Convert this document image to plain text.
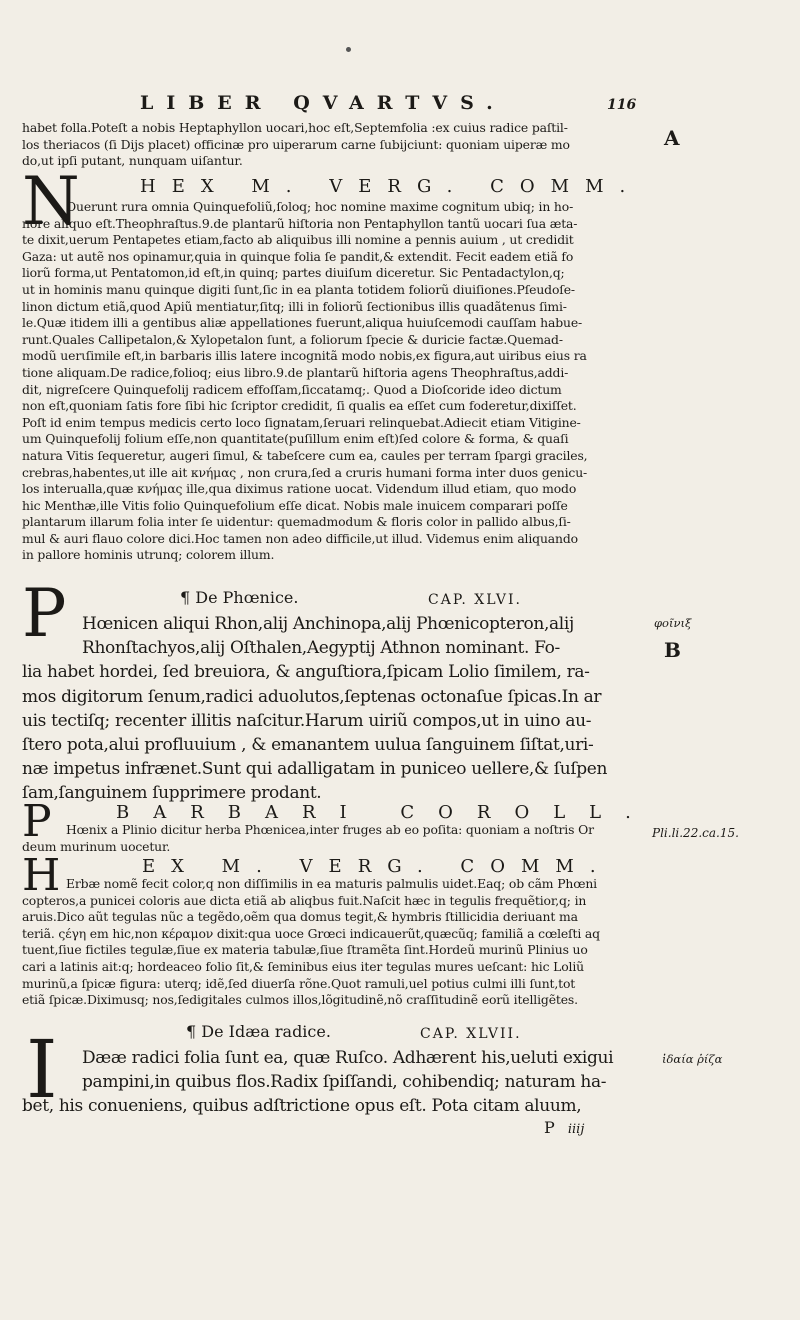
LIBER QVARTVS.	116
habet folla.Poteſt a nobis Heptaphyllon uocari,hoc eſt,Septemfolia :ex cuius radice paſtil-
los theriacos (ſi Dijs placet) officinæ pro uiperarum carne ſubijciunt: quoniam uiperæ mo
do,ut ipſi putant, nunquam uiſantur.
A
N	HEX M. VERG. COMM.
Ouerunt rura omnia Quinquefoliũ,ſoloq; hoc nomine maxime cognitum ubiq; in ho-
nore aliquo eſt.Theophraſtus.9.de plantarũ hiſtoria non Pentaphyllon tantũ uocari ſua æta-
te dixit,uerum Pentapetes etiam,facto ab aliquibus illi nomine a pennis auium , ut credidit
Gaza: ut autẽ nos opinamur,quia in quinque folia ſe pandit,& extendit. Fecit eadem etiã fo
liorũ forma,ut Pentatomon,id eſt,in quinq; partes diuiſum diceretur. Sic Pentadactylon,q;
ut in hominis manu quinque digiti ſunt,ſic in ea planta totidem foliorũ diuiſiones.Pſeudoſe-
linon dictum etiã,quod Apiũ mentiatur,ſitq; illi in foliorũ ſectionibus illis quadãtenus ſimi-
le.Quæ itidem illi a gentibus aliæ appellationes fuerunt,aliqua huiuſcemodi cauſſam habue-
runt.Quales Callipetalon,& Xylopetalon ſunt, a foliorum ſpecie & duricie factæ.Quemad-
modũ uerιſimile eſt,in barbaris illis latere incognitã modo nobis,ex figura,aut uiribus eius ra
tione aliquam.De radice,folioq; eius libro.9.de plantarũ hiſtoria agens Theophraſtus,addi-
dit, nigreſcere Quinquefolij radicem effoſſam,ſiccatamq;. Quod a Dioſcoride ideo dictum
non eſt,quoniam ſatis fore ſibi hic ſcriptor credidit, ſi qualis ea eſſet cum foderetur,dixiſſet.
Poſt id enim tempus medicis certo loco ſignatam,ſeruari relinquebat.Adiecit etiam Vitigine-
um Quinquefolij folium eſſe,non quantitate(puſillum enim eſt)ſed colore & forma, & quaſi
natura Vitis ſequeretur, augeri ſimul, & tabeſcere cum ea, caules per terram ſpargi graciles,
crebras,habentes,ut ille ait κνήμας , non crura,ſed a cruris humani forma inter duos genicu-
los interualla,quæ κνήμας ille,qua diximus ratione uocat. Videndum illud etiam, quo modo
hic Menthæ,ille Vitis folio Quinquefolium eſſe dicat. Nobis male inuicem comparari poſſe
plantarum illarum folia inter ſe uidentur: quemadmodum & floris color in pallido albus,ſi-
mul & auri flauo colore dici.Hoc tamen non adeo difficile,ut illud. Videmus enim aliquando
in pallore hominis utrunq; colorem illum.
P	¶ De Phœnice.	CAP. XLVI.
Hœnicen aliqui Rhon,alij Anchinopa,alij Phœnicopteron,alij
Rhonſtachyos,alij Oſthalen,Aegyptij Athnon nominant. Fo-
lia habet hordei, ſed breuiora, & anguſtiora,ſpicam Lolio ſimilem, ra-
mos digitorum ſenum,radici aduolutos,ſeptenas octonaſue ſpicas.In ar
uis tectiſq; recenter illitis naſcitur.Harum uiriũ compos,ut in uino au-
ſtero pota,alui profluuium , & emanantem uulua ſanguinem ſiſtat,uri-
næ impetus infrænet.Sunt qui adalligatam in puniceo uellere,& ſuſpen
ſam,ſanguinem ſupprimere prodant.
φοῖνιξ
B
P	BARBARI COROLL.
Hœnix a Plinio dicitur herba Phœnicea,inter fruges ab eo poſita: quoniam a noſtris Or
deum murinum uocetur.
Pli.li.22.ca.15.
H	EX M. VERG. COMM.
Erbæ nomẽ fecit color,q non diſſimilis in ea maturis palmulis uidet.Eaq; ob cãm Phœni
copteros,a punicei coloris aue dicta etiã ab aliqbus fuit.Naſcit hæc in tegulis frequẽtior,q; in
aruis.Dico aũt tegulas nũc a tegẽdo,oẽm qua domus tegit,& hymbris ſtillicidia deriuant ma
teriã. ςέγη em hic,non κέραμον dixit:qua uoce Grœci indicauerũt,quæcũq; familiã a cœleſti aq
tuent,ſiue fictiles tegulæ,ſiue ex materia tabulæ,ſiue ſtramẽta ſint.Hordeũ murinũ Plinius uo
cari a latinis ait:q; hordeaceo folio ſit,& ſeminibus eius iter tegulas mures ueſcant: hic Loliũ
murinũ,a ſpicæ figura: uterq; idẽ,ſed diuerſa rõne.Quot ramuli,uel potius culmi illi ſunt,tot
etiã ſpicæ.Diximusq; nos,ſedigitales culmos illos,lõgitudinẽ,nõ craſſitudinẽ eorũ itelligẽtes.
I	¶ De Idæa radice.	CAP. XLVII.
Dææ radici folia ſunt ea, quæ Ruſco. Adhærent his,ueluti exigui
pampini,in quibus flos.Radix ſpiſſandi, cohibendiq; naturam ha-
bet, his conueniens, quibus adſtrictione opus eſt. Pota citam aluum,
ἰδαία ῥίζα
P iiij
